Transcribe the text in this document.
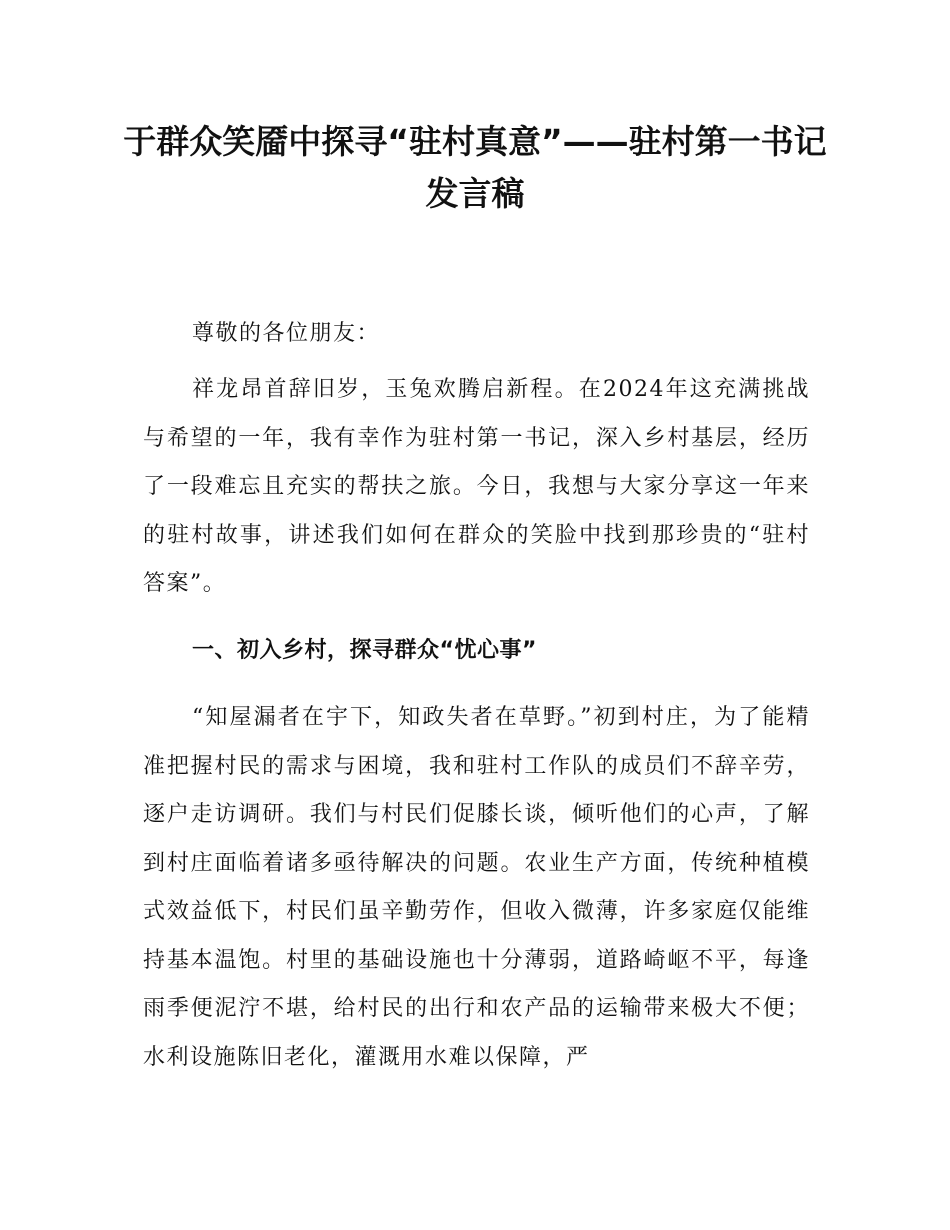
于群众笑靥中探寻“驻村真意”——驻村第一书记发言稿

尊敬的各位朋友：

祥龙昂首辞旧岁，玉兔欢腾启新程。在2024年这充满挑战与希望的一年，我有幸作为驻村第一书记，深入乡村基层，经历了一段难忘且充实的帮扶之旅。今日，我想与大家分享这一年来的驻村故事，讲述我们如何在群众的笑脸中找到那珍贵的“驻村答案”。

一、初入乡村，探寻群众“忧心事”

“知屋漏者在宇下，知政失者在草野。”初到村庄，为了能精准把握村民的需求与困境，我和驻村工作队的成员们不辞辛劳，逐户走访调研。我们与村民们促膝长谈，倾听他们的心声，了解到村庄面临着诸多亟待解决的问题。农业生产方面，传统种植模式效益低下，村民们虽辛勤劳作，但收入微薄，许多家庭仅能维持基本温饱。村里的基础设施也十分薄弱，道路崎岖不平，每逢雨季便泥泞不堪，给村民的出行和农产品的运输带来极大不便；水利设施陈旧老化，灌溉用水难以保障，严
